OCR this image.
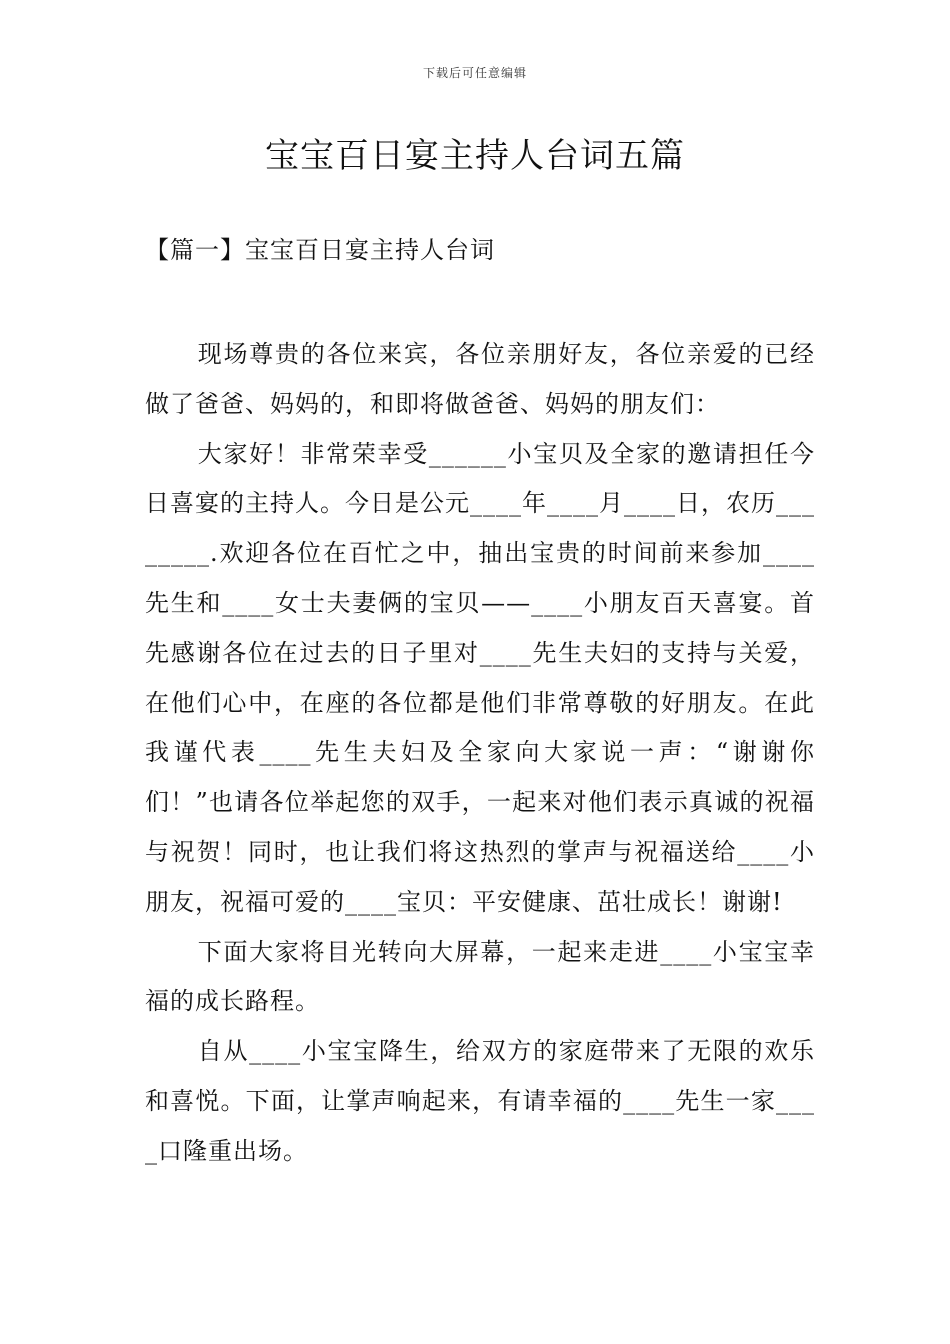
下载后可任意编辑
宝宝百日宴主持人台词五篇
【篇一】宝宝百日宴主持人台词

现场尊贵的各位来宾，各位亲朋好友，各位亲爱的已经做了爸爸、妈妈的，和即将做爸爸、妈妈的朋友们：

大家好！非常荣幸受______小宝贝及全家的邀请担任今日喜宴的主持人。今日是公元____年____月____日，农历________.欢迎各位在百忙之中，抽出宝贵的时间前来参加____先生和____女士夫妻俩的宝贝——____小朋友百天喜宴。首先感谢各位在过去的日子里对____先生夫妇的支持与关爱，在他们心中，在座的各位都是他们非常尊敬的好朋友。在此我谨代表____先生夫妇及全家向大家说一声：“谢谢你们！”也请各位举起您的双手，一起来对他们表示真诚的祝福与祝贺！同时，也让我们将这热烈的掌声与祝福送给____小朋友，祝福可爱的____宝贝：平安健康、茁壮成长！谢谢!

下面大家将目光转向大屏幕，一起来走进____小宝宝幸福的成长路程。

自从____小宝宝降生，给双方的家庭带来了无限的欢乐和喜悦。下面，让掌声响起来，有请幸福的____先生一家____口隆重出场。
